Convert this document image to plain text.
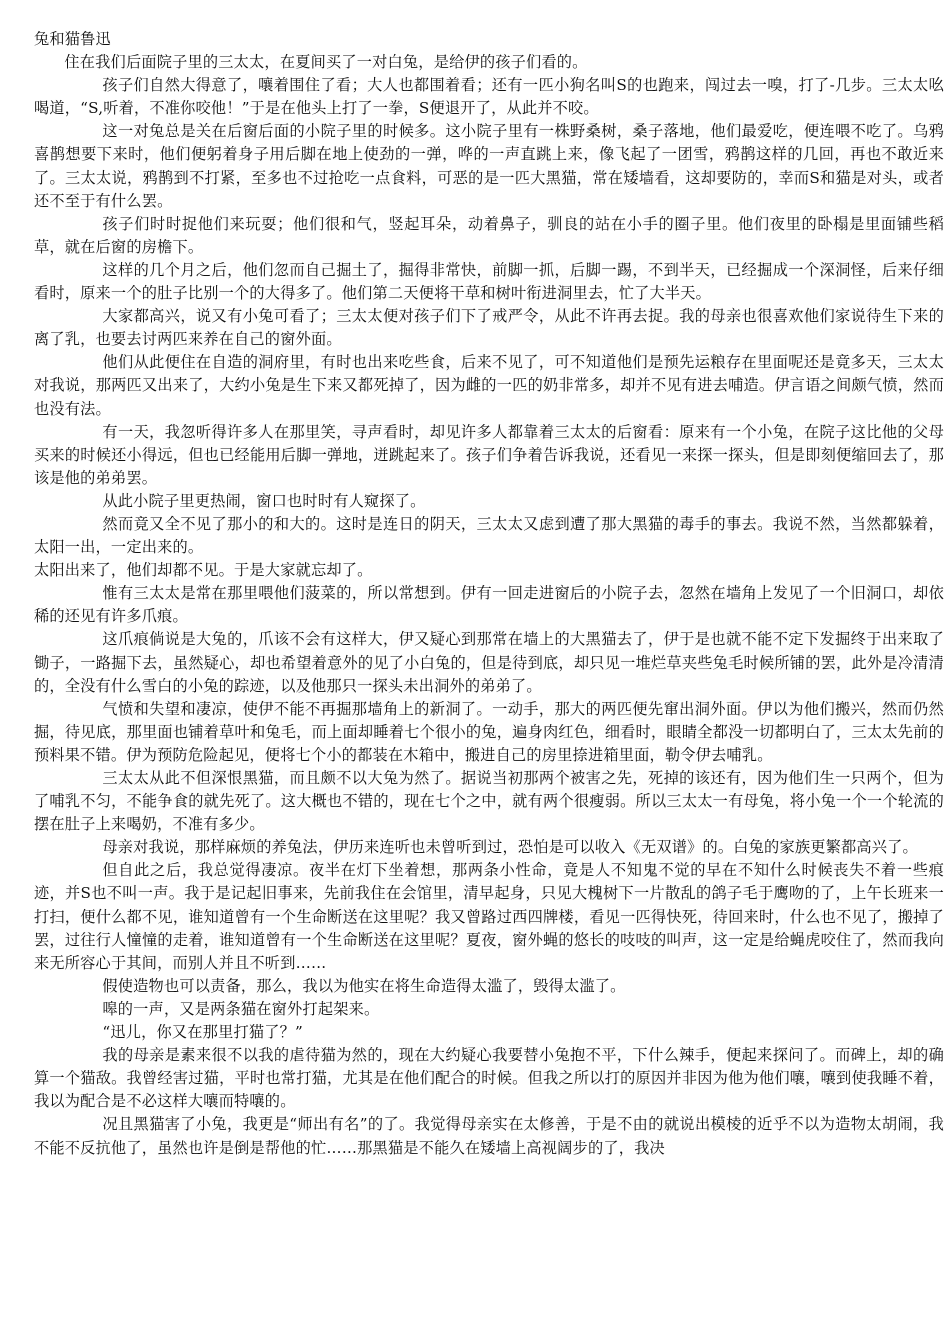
兔和猫鲁迅

住在我们后面院子里的三太太，在夏间买了一对白兔，是给伊的孩子们看的。

孩子们自然大得意了，嚷着围住了看；大人也都围着看；还有一匹小狗名叫S的也跑来，闯过去一嗅，打了-几步。三太太吆喝道，“S,听着，不准你咬他！”于是在他头上打了一拳，S便退开了，从此并不咬。

这一对兔总是关在后窗后面的小院子里的时候多。这小院子里有一株野桑树，桑子落地，他们最爱吃，便连喂不吃了。乌鸦喜鹊想要下来时，他们便躬着身子用后脚在地上使劲的一弹，哗的一声直跳上来，像飞起了一团雪，鸦鹊这样的几回，再也不敢近来了。三太太说，鸦鹊到不打紧，至多也不过抢吃一点食料，可恶的是一匹大黑猫，常在矮墙看，这却要防的，幸而S和猫是对头，或者还不至于有什么罢。

孩子们时时捉他们来玩耍；他们很和气，竖起耳朵，动着鼻子，驯良的站在小手的圈子里。他们夜里的卧榻是里面铺些稻草，就在后窗的房檐下。

这样的几个月之后，他们忽而自己掘土了，掘得非常快，前脚一抓，后脚一踢，不到半天，已经掘成一个深洞怪，后来仔细看时，原来一个的肚子比别一个的大得多了。他们第二天便将干草和树叶衔进洞里去，忙了大半天。

大家都高兴，说又有小兔可看了；三太太便对孩子们下了戒严令，从此不许再去捉。我的母亲也很喜欢他们家说待生下来的离了乳，也要去讨两匹来养在自己的窗外面。

他们从此便住在自造的洞府里，有时也出来吃些食，后来不见了，可不知道他们是预先运粮存在里面呢还是竟多天，三太太对我说，那两匹又出来了，大约小兔是生下来又都死掉了，因为雌的一匹的奶非常多，却并不见有进去哺造。伊言语之间颇气愤，然而也没有法。

有一天，我忽听得许多人在那里笑，寻声看时，却见许多人都靠着三太太的后窗看：原来有一个小兔，在院子这比他的父母买来的时候还小得远，但也已经能用后脚一弹地，迸跳起来了。孩子们争着告诉我说，还看见一来探一探头，但是即刻便缩回去了，那该是他的弟弟罢。

从此小院子里更热闹，窗口也时时有人窥探了。

然而竟又全不见了那小的和大的。这时是连日的阴天，三太太又虑到遭了那大黑猫的毒手的事去。我说不然，当然都躲着，太阳一出，一定出来的。

太阳出来了，他们却都不见。于是大家就忘却了。

惟有三太太是常在那里喂他们菠菜的，所以常想到。伊有一回走进窗后的小院子去，忽然在墙角上发见了一个旧洞口，却依稀的还见有许多爪痕。

这爪痕倘说是大兔的，爪该不会有这样大，伊又疑心到那常在墙上的大黑猫去了，伊于是也就不能不定下发掘终于出来取了锄子，一路掘下去，虽然疑心，却也希望着意外的见了小白兔的，但是待到底，却只见一堆烂草夹些兔毛时候所铺的罢，此外是冷清清的，全没有什么雪白的小兔的踪迹，以及他那只一探头未出洞外的弟弟了。

气愤和失望和凄凉，使伊不能不再掘那墙角上的新洞了。一动手，那大的两匹便先窜出洞外面。伊以为他们搬兴，然而仍然掘，待见底，那里面也铺着草叶和兔毛，而上面却睡着七个很小的兔，遍身肉红色，细看时，眼睛全都没一切都明白了，三太太先前的预料果不错。伊为预防危险起见，便将七个小的都装在木箱中，搬进自己的房里捺进箱里面，勒令伊去哺乳。

三太太从此不但深恨黑猫，而且颇不以大兔为然了。据说当初那两个被害之先，死掉的该还有，因为他们生一只两个，但为了哺乳不匀，不能争食的就先死了。这大概也不错的，现在七个之中，就有两个很瘦弱。所以三太太一有母兔，将小兔一个一个轮流的摆在肚子上来喝奶，不准有多少。

母亲对我说，那样麻烦的养兔法，伊历来连听也未曾听到过，恐怕是可以收入《无双谱》的。白兔的家族更繁都高兴了。

但自此之后，我总觉得凄凉。夜半在灯下坐着想，那两条小性命，竟是人不知鬼不觉的早在不知什么时候丧失不着一些痕迹，并S也不叫一声。我于是记起旧事来，先前我住在会馆里，清早起身，只见大槐树下一片散乱的鸽子毛于鹰吻的了，上午长班来一打扫，便什么都不见，谁知道曾有一个生命断送在这里呢？我又曾路过西四牌楼，看见一匹得快死，待回来时，什么也不见了，搬掉了罢，过往行人憧憧的走着，谁知道曾有一个生命断送在这里呢？夏夜，窗外蝇的悠长的吱吱的叫声，这一定是给蝇虎咬住了，然而我向来无所容心于其间，而别人并且不听到……

假使造物也可以责备，那么，我以为他实在将生命造得太滥了，毁得太滥了。

嗥的一声，又是两条猫在窗外打起架来。

“迅儿，你又在那里打猫了？”

我的母亲是素来很不以我的虐待猫为然的，现在大约疑心我要替小兔抱不平，下什么辣手，便起来探问了。而碑上，却的确算一个猫敌。我曾经害过猫，平时也常打猫，尤其是在他们配合的时候。但我之所以打的原因并非因为他为他们嚷，嚷到使我睡不着，我以为配合是不必这样大嚷而特嚷的。

况且黑猫害了小兔，我更是“师出有名”的了。我觉得母亲实在太修善，于是不由的就说出模棱的近乎不以为造物太胡闹，我不能不反抗他了，虽然也许是倒是帮他的忙……那黑猫是不能久在矮墙上高视阔步的了，我决
